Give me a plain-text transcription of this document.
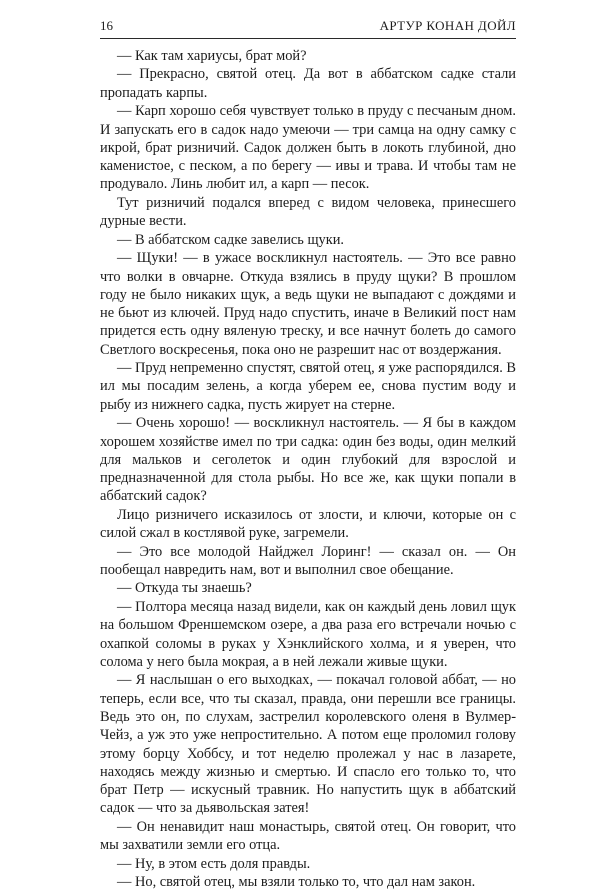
16	АРТУР КОНАН ДОЙЛ

— Как там хариусы, брат мой?

— Прекрасно, святой отец. Да вот в аббатском садке стали пропадать карпы.

— Карп хорошо себя чувствует только в пруду с песчаным дном. И запускать его в садок надо умеючи — три самца на одну самку с икрой, брат ризничий. Садок должен быть в локоть глубиной, дно каменистое, с песком, а по берегу — ивы и трава. И чтобы там не продувало. Линь любит ил, а карп — песок.

Тут ризничий подался вперед с видом человека, принесшего дурные вести.

— В аббатском садке завелись щуки.

— Щуки! — в ужасе воскликнул настоятель. — Это все равно что волки в овчарне. Откуда взялись в пруду щуки? В прошлом году не было никаких щук, а ведь щуки не выпадают с дождями и не бьют из ключей. Пруд надо спустить, иначе в Великий пост нам придется есть одну вяленую треску, и все начнут болеть до самого Светлого воскресенья, пока оно не разрешит нас от воздержания.

— Пруд непременно спустят, святой отец, я уже распорядился. В ил мы посадим зелень, а когда уберем ее, снова пустим воду и рыбу из нижнего садка, пусть жирует на стерне.

— Очень хорошо! — воскликнул настоятель. — Я бы в каждом хорошем хозяйстве имел по три садка: один без воды, один мелкий для мальков и сеголеток и один глубокий для взрослой и предназначенной для стола рыбы. Но все же, как щуки попали в аббатский садок?

Лицо ризничего исказилось от злости, и ключи, которые он с силой сжал в костлявой руке, загремели.

— Это все молодой Найджел Лоринг! — сказал он. — Он пообещал навредить нам, вот и выполнил свое обещание.

— Откуда ты знаешь?

— Полтора месяца назад видели, как он каждый день ловил щук на большом Френшемском озере, а два раза его встречали ночью с охапкой соломы в руках у Хэнклийского холма, и я уверен, что солома у него была мокрая, а в ней лежали живые щуки.

— Я наслышан о его выходках, — покачал головой аббат, — но теперь, если все, что ты сказал, правда, они перешли все границы. Ведь это он, по слухам, застрелил королевского оленя в Вулмер-Чейз, а уж это уже непростительно. А потом еще проломил голову этому борцу Хоббсу, и тот неделю пролежал у нас в лазарете, находясь между жизнью и смертью. И спасло его только то, что брат Петр — искусный травник. Но напустить щук в аббатский садок — что за дьявольская затея!

— Он ненавидит наш монастырь, святой отец. Он говорит, что мы захватили земли его отца.

— Ну, в этом есть доля правды.

— Но, святой отец, мы взяли только то, что дал нам закон.
